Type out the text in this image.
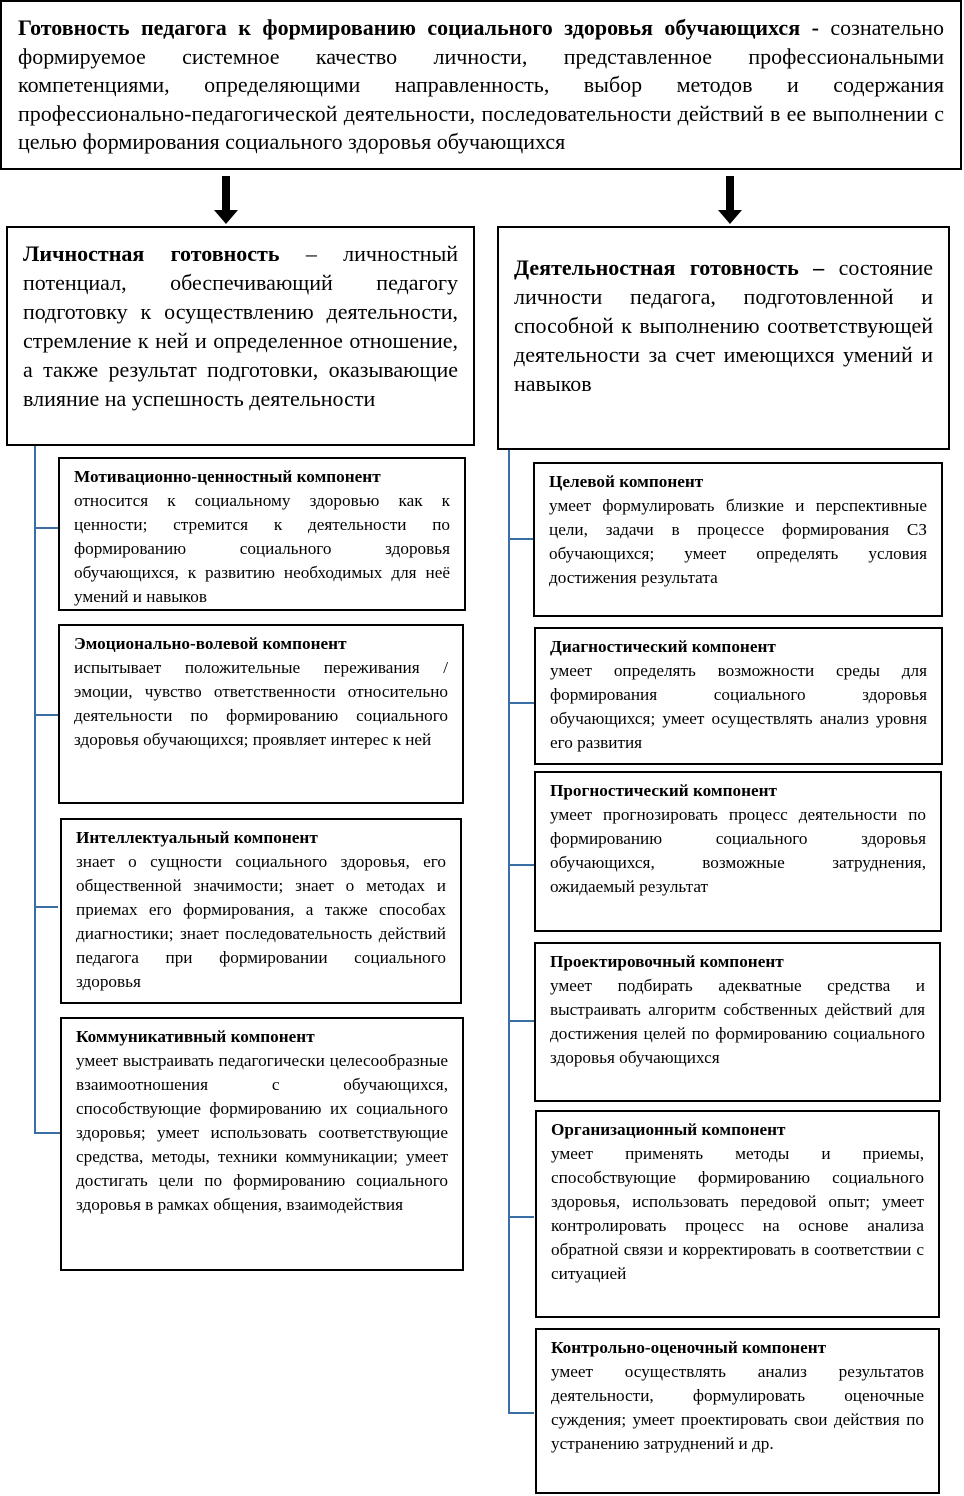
Готовность педагога к формированию социального здоровья обучающихся - сознательно формируемое системное качество личности, представленное профессиональными компетенциями, определяющими направленность, выбор методов и содержания профессионально-педагогической деятельности, последовательности действий в ее выполнении с целью формирования социального здоровья обучающихся
Личностная готовность – личностный потенциал, обеспечивающий педагогу подготовку к осуществлению деятельности, стремление к ней и определенное отношение, а также результат подготовки, оказывающие влияние на успешность деятельности
Деятельностная готовность – состояние личности педагога, подготовленной и способной к выполнению соответствующей деятельности за счет имеющихся умений и навыков
Мотивационно-ценностный компонент
относится к социальному здоровью как к ценности; стремится к деятельности по формированию социального здоровья обучающихся, к развитию необходимых для неё умений и навыков
Эмоционально-волевой компонент
испытывает положительные переживания / эмоции, чувство ответственности относительно деятельности по формированию социального здоровья обучающихся; проявляет интерес к ней
Интеллектуальный компонент
знает о сущности социального здоровья, его общественной значимости; знает о методах и приемах его формирования, а также способах диагностики; знает последовательность действий педагога при формировании социального здоровья
Коммуникативный компонент
умеет выстраивать педагогически целесообразные взаимоотношения с обучающихся, способствующие формированию их социального здоровья; умеет использовать соответствующие средства, методы, техники коммуникации; умеет достигать цели по формированию социального здоровья в рамках общения, взаимодействия
Целевой компонент
умеет формулировать близкие и перспективные цели, задачи в процессе формирования СЗ обучающихся; умеет определять условия достижения результата
Диагностический компонент
умеет определять возможности среды для формирования социального здоровья обучающихся; умеет осуществлять анализ уровня его развития
Прогностический компонент
умеет прогнозировать процесс деятельности по формированию социального здоровья обучающихся, возможные затруднения, ожидаемый результат
Проектировочный компонент
умеет подбирать адекватные средства и выстраивать алгоритм собственных действий для достижения целей по формированию социального здоровья обучающихся
Организационный компонент
умеет применять методы и приемы, способствующие формированию социального здоровья, использовать передовой опыт; умеет контролировать процесс на основе анализа обратной связи и корректировать в соответствии с ситуацией
Контрольно-оценочный компонент
умеет осуществлять анализ результатов деятельности, формулировать оценочные суждения; умеет проектировать свои действия по устранению затруднений и др.
